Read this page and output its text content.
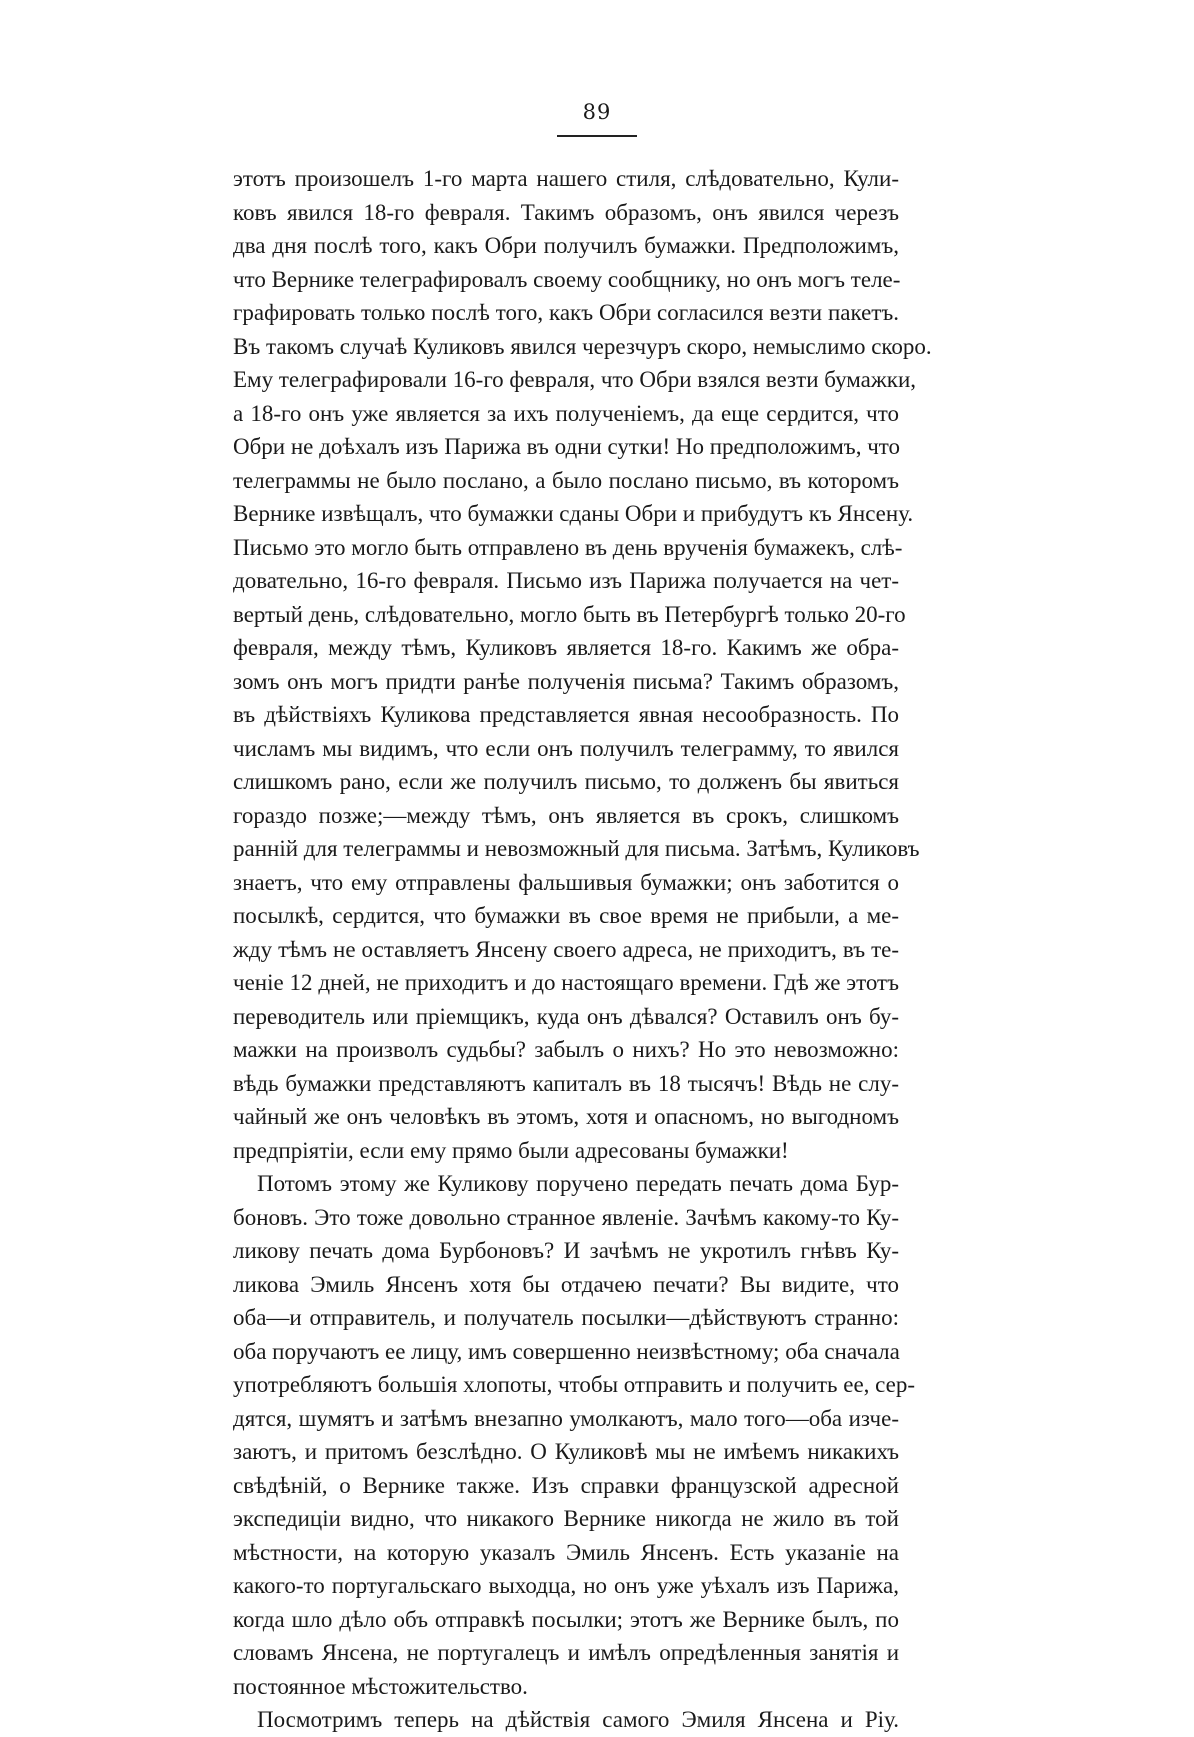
89
этотъ произошелъ 1-го марта нашего стиля, слѣдовательно, Кули-
ковъ явился 18-го февраля. Такимъ образомъ, онъ явился черезъ
два дня послѣ того, какъ Обри получилъ бумажки. Предположимъ,
что Вернике телеграфировалъ своему сообщнику, но онъ могъ теле-
графировать только послѣ того, какъ Обри согласился везти пакетъ.
Въ такомъ случаѣ Куликовъ явился черезчуръ скоро, немыслимо скоро.
Ему телеграфировали 16-го февраля, что Обри взялся везти бумажки,
а 18-го онъ уже является за ихъ полученіемъ, да еще сердится, что
Обри не доѣхалъ изъ Парижа въ одни сутки! Но предположимъ, что
телеграммы не было послано, а было послано письмо, въ которомъ
Вернике извѣщалъ, что бумажки сданы Обри и прибудутъ къ Янсену.
Письмо это могло быть отправлено въ день врученія бумажекъ, слѣ-
довательно, 16-го февраля. Письмо изъ Парижа получается на чет-
вертый день, слѣдовательно, могло быть въ Петербургѣ только 20-го
февраля, между тѣмъ, Куликовъ является 18-го. Какимъ же обра-
зомъ онъ могъ придти ранѣе полученія письма? Такимъ образомъ,
въ дѣйствіяхъ Куликова представляется явная несообразность. По
числамъ мы видимъ, что если онъ получилъ телеграмму, то явился
слишкомъ рано, если же получилъ письмо, то долженъ бы явиться
гораздо позже;—между тѣмъ, онъ является въ срокъ, слишкомъ
ранній для телеграммы и невозможный для письма. Затѣмъ, Куликовъ
знаетъ, что ему отправлены фальшивыя бумажки; онъ заботится о
посылкѣ, сердится, что бумажки въ свое время не прибыли, а ме-
жду тѣмъ не оставляетъ Янсену своего адреса, не приходитъ, въ те-
ченіе 12 дней, не приходитъ и до настоящаго времени. Гдѣ же этотъ
переводитель или пріемщикъ, куда онъ дѣвался? Оставилъ онъ бу-
мажки на произволъ судьбы? забылъ о нихъ? Но это невозможно:
вѣдь бумажки представляютъ капиталъ въ 18 тысячъ! Вѣдь не слу-
чайный же онъ человѣкъ въ этомъ, хотя и опасномъ, но выгодномъ
предпріятіи, если ему прямо были адресованы бумажки!
Потомъ этому же Куликову поручено передать печать дома Бур-
боновъ. Это тоже довольно странное явленіе. Зачѣмъ какому-то Ку-
ликову печать дома Бурбоновъ? И зачѣмъ не укротилъ гнѣвъ Ку-
ликова Эмиль Янсенъ хотя бы отдачею печати? Вы видите, что
оба—и отправитель, и получатель посылки—дѣйствуютъ странно:
оба поручаютъ ее лицу, имъ совершенно неизвѣстному; оба сначала
употребляютъ большія хлопоты, чтобы отправить и получить ее, сер-
дятся, шумятъ и затѣмъ внезапно умолкаютъ, мало того—оба изче-
заютъ, и притомъ безслѣдно. О Куликовѣ мы не имѣемъ никакихъ
свѣдѣній, о Вернике также. Изъ справки французской адресной
экспедиціи видно, что никакого Вернике никогда не жило въ той
мѣстности, на которую указалъ Эмиль Янсенъ. Есть указаніе на
какого-то португальскаго выходца, но онъ уже уѣхалъ изъ Парижа,
когда шло дѣло объ отправкѣ посылки; этотъ же Вернике былъ, по
словамъ Янсена, не португалецъ и имѣлъ опредѣленныя занятія и
постоянное мѣстожительство.
Посмотримъ теперь на дѣйствія самого Эмиля Янсена и Ріу.
